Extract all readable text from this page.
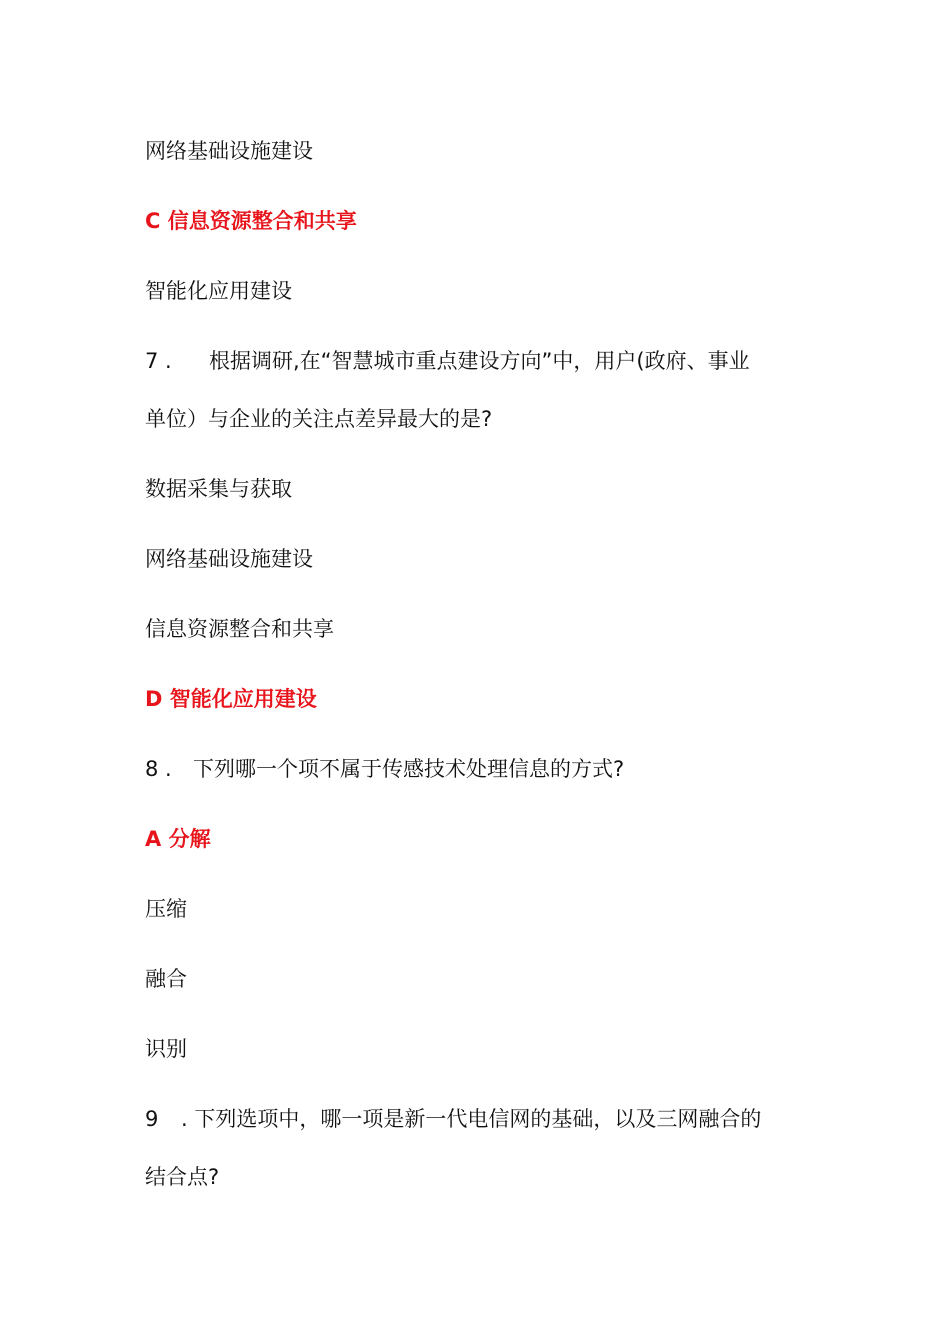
网络基础设施建设
C 信息资源整合和共享
智能化应用建设
7 . 根据调研,在“智慧城市重点建设方向”中，用户(政府、事业
单位）与企业的关注点差异最大的是?
数据采集与获取
网络基础设施建设
信息资源整合和共享
D 智能化应用建设
8 . 下列哪一个项不属于传感技术处理信息的方式?
A 分解
压缩
融合
识别
9 . 下列选项中，哪一项是新一代电信网的基础，以及三网融合的
结合点?
